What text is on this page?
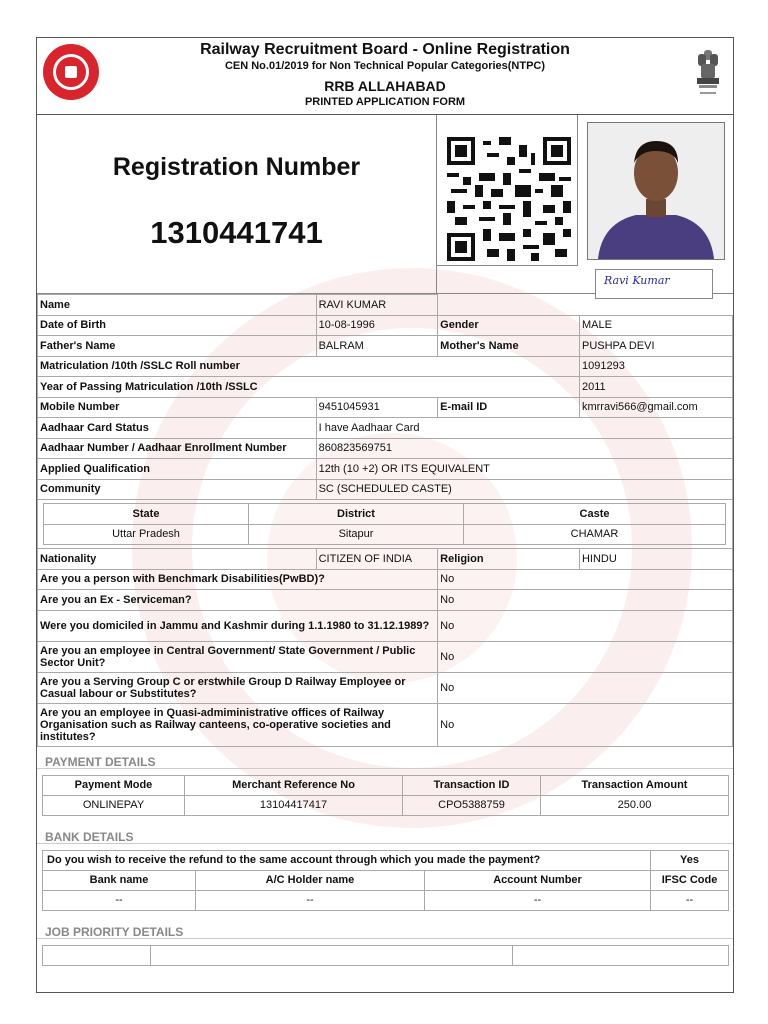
Railway Recruitment Board - Online Registration
CEN No.01/2019 for Non Technical Popular Categories(NTPC)
RRB ALLAHABAD
PRINTED APPLICATION FORM
Registration Number
1310441741
Ravi Kumar
Name	RAVI KUMAR		
Date of Birth	10-08-1996	Gender	MALE
Father's Name	BALRAM	Mother's Name	PUSHPA DEVI
Matriculation /10th /SSLC Roll number	1091293
Year of Passing Matriculation /10th /SSLC	2011
Mobile Number	9451045931	E-mail ID	kmrravi566@gmail.com
Aadhaar Card Status	I have Aadhaar Card
Aadhaar Number / Aadhaar Enrollment Number	860823569751
Applied Qualification	12th (10 +2) OR ITS EQUIVALENT
Community	SC (SCHEDULED CASTE)

State	District	Caste
Uttar Pradesh	Sitapur	CHAMAR

Nationality	CITIZEN OF INDIA	Religion	HINDU
Are you a person with Benchmark Disabilities(PwBD)?	No
Are you an Ex - Serviceman?	No
Were you domiciled in Jammu and Kashmir during 1.1.1980 to 31.12.1989?	No
Are you an employee in Central Government/ State Government / Public Sector Unit?	No
Are you a Serving Group C or erstwhile Group D Railway Employee or Casual labour or Substitutes?	No
Are you an employee in Quasi-admiministrative offices of Railway Organisation such as Railway canteens, co-operative societies and institutes?	No
PAYMENT DETAILS
Payment Mode	Merchant Reference No	Transaction ID	Transaction Amount
ONLINEPAY	13104417417	CPO5388759	250.00
BANK DETAILS
Do you wish to receive the refund to the same account through which you made the payment?			Yes
Bank name	A/C Holder name	Account Number	IFSC Code
--	--	--	--
JOB PRIORITY DETAILS
